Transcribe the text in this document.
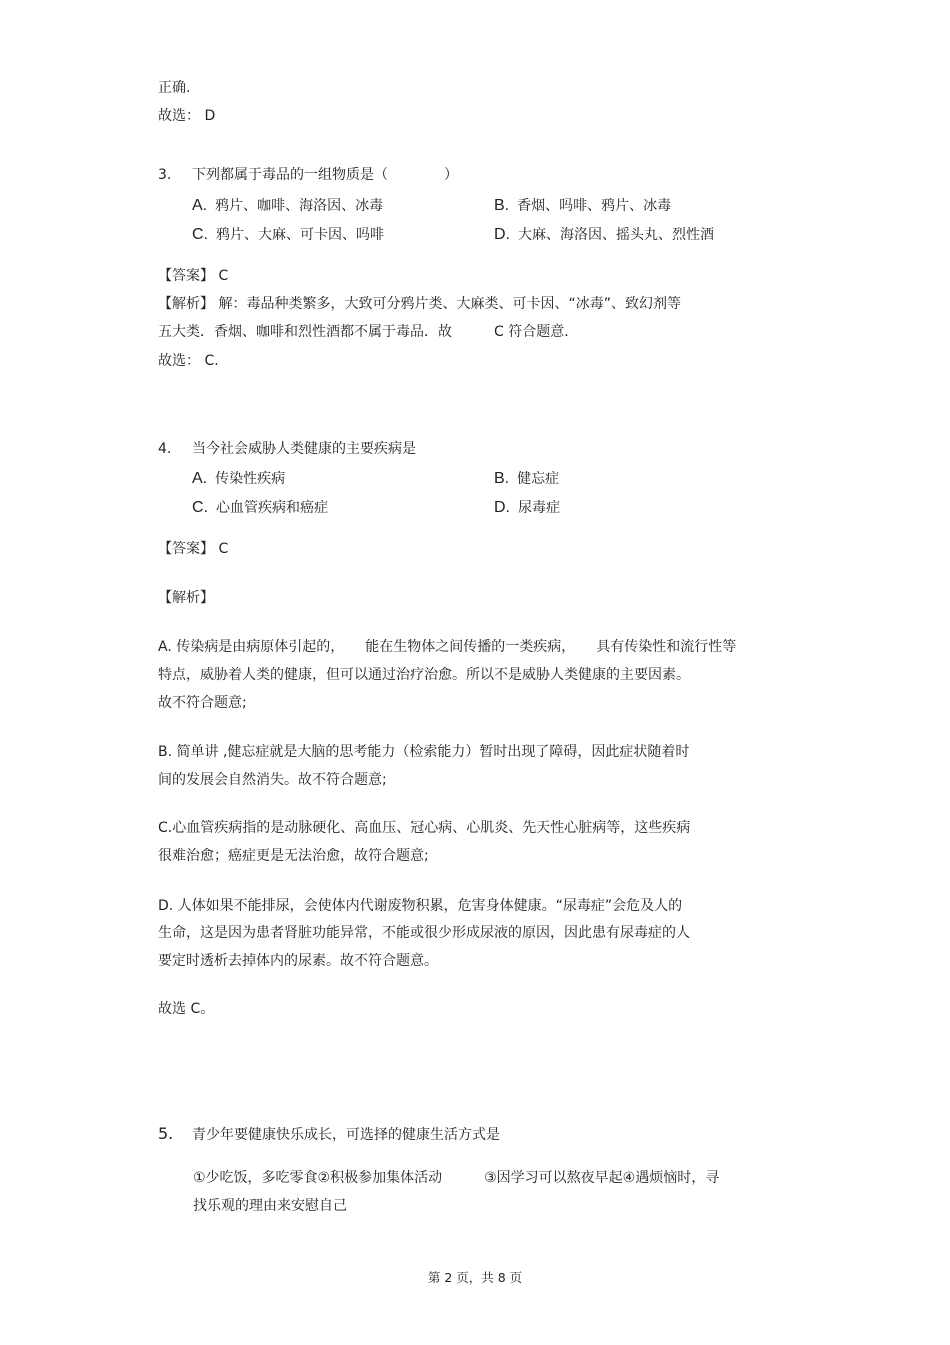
正确.
故选： D
3. 下列都属于毒品的一组物质是（　　　　）
A. 鸦片、咖啡、海洛因、冰毒	B. 香烟、吗啡、鸦片、冰毒
C. 鸦片、大麻、可卡因、吗啡	D. 大麻、海洛因、摇头丸、烈性酒
【答案】 C
【解析】 解：毒品种类繁多，大致可分鸦片类、大麻类、可卡因、“冰毒”、致幻剂等
五大类．香烟、咖啡和烈性酒都不属于毒品．故　　　C 符合题意．
故选： C.
4. 当今社会威胁人类健康的主要疾病是
A. 传染性疾病	B. 健忘症
C. 心血管疾病和癌症	D. 尿毒症
【答案】 C
【解析】
A. 传染病是由病原体引起的，　　能在生物体之间传播的一类疾病，　　具有传染性和流行性等
特点，威胁着人类的健康，但可以通过治疗治愈。所以不是威胁人类健康的主要因素。
故不符合题意;
B. 简单讲 ,健忘症就是大脑的思考能力（检索能力）暂时出现了障碍，因此症状随着时
间的发展会自然消失。故不符合题意;
C.心血管疾病指的是动脉硬化、高血压、冠心病、心肌炎、先天性心脏病等，这些疾病
很难治愈；癌症更是无法治愈，故符合题意;
D. 人体如果不能排尿，会使体内代谢废物积累，危害身体健康。“尿毒症”会危及人的
生命，这是因为患者肾脏功能异常，不能或很少形成尿液的原因，因此患有尿毒症的人
要定时透析去掉体内的尿素。故不符合题意。
故选 C。
5. 青少年要健康快乐成长，可选择的健康生活方式是
①少吃饭，多吃零食②积极参加集体活动　　　③因学习可以熬夜早起④遇烦恼时，寻
找乐观的理由来安慰自己
第 2 页，共 8 页
